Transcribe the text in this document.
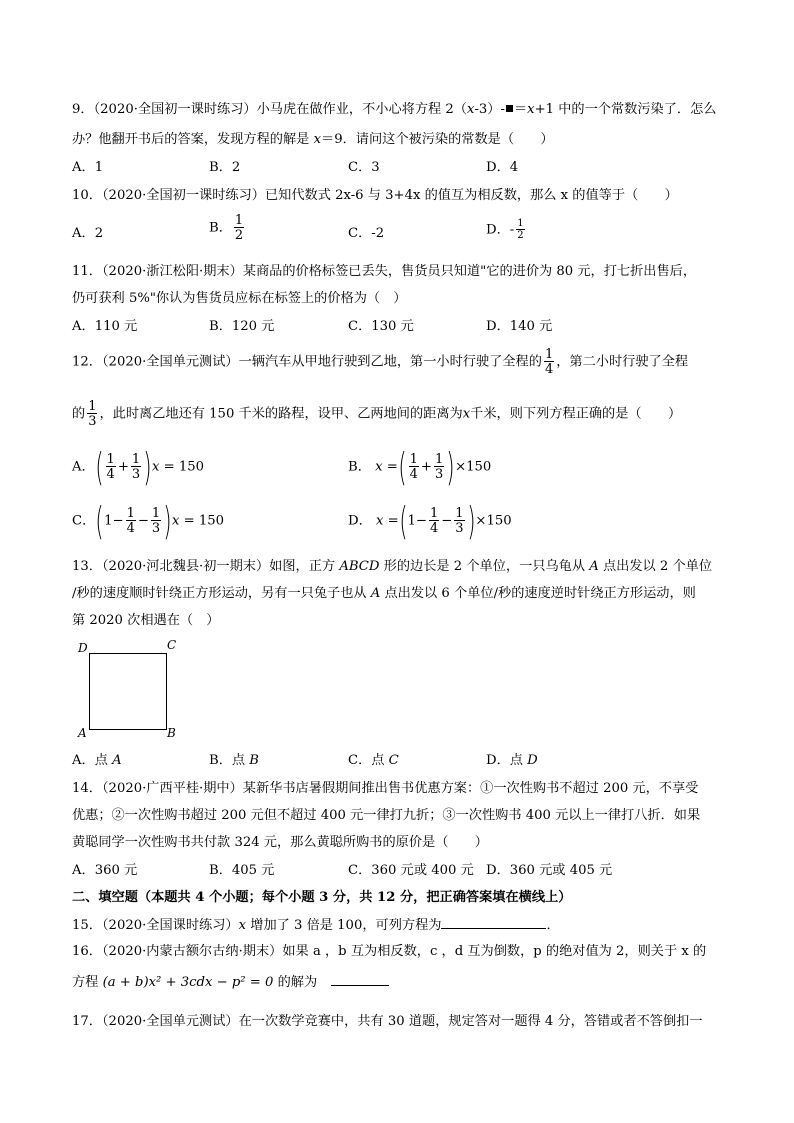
9．（2020·全国初一课时练习）小马虎在做作业，不小心将方程 2（x-3）- ＝x+1 中的一个常数污染了．怎么
办？他翻开书后的答案，发现方程的解是 x＝9．请问这个被污染的常数是（　　）
A．1	B．2	C．3	D．4
10．（2020·全国初一课时练习）已知代数式 2x-6 与 3+4x 的值互为相反数，那么 x 的值等于（　　）
A．2	B． $\frac{1}{2}$	C．-2	D．- $\frac{1}{2}$
11．（2020·浙江松阳·期末）某商品的价格标签已丢失，售货员只知道"它的进价为 80 元，打七折出售后，
仍可获利 5%"你认为售货员应标在标签上的价格为（　）
A．110 元	B．120 元	C．130 元	D．140 元
12．（2020·全国单元测试）一辆汽车从甲地行驶到乙地，第一小时行驶了全程的 $\frac{1}{4}$ ，第二小时行驶了全程
的 $\frac{1}{3}$ ，此时离乙地还有 150 千米的路程，设甲、乙两地间的距离为x千米，则下列方程正确的是（　　）
A．( $\frac{1}{4} + \frac{1}{3} )x = 150$	B． x =( $\frac{1}{4} + \frac{1}{3} )\times 150$
C．$(1- \frac{1}{4} - \frac{1}{3} )x = 150$	D． $x =(1- \frac{1}{4} - \frac{1}{3} )\times 150$
13．（2020·河北魏县·初一期末）如图，正方 ABCD 形的边长是 2 个单位，一只乌龟从 A 点出发以 2 个单位
/秒的速度顺时针绕正方形运动，另有一只兔子也从 A 点出发以 6 个单位/秒的速度逆时针绕正方形运动，则
第 2020 次相遇在（　）
D	C
A	B
A．点 A	B．点 B	C．点 C	D．点 D
14．（2020·广西平桂·期中）某新华书店暑假期间推出售书优惠方案：①一次性购书不超过 200 元，不享受
优惠；②一次性购书超过 200 元但不超过 400 元一律打九折；③一次性购书 400 元以上一律打八折．如果
黄聪同学一次性购书共付款 324 元，那么黄聪所购书的原价是（　　）
A．360 元	B．405 元	C．360 元或 400 元 D．360 元或 405 元
二、填空题（本题共 4 个小题；每个小题 3 分，共 12 分，把正确答案填在横线上）
15．（2020·全国课时练习）x 增加了 3 倍是 100，可列方程为	．
16．（2020·内蒙古额尔古纳·期末）如果 a ，b 互为相反数，c ，d 互为倒数，p 的绝对值为 2，则关于 x 的
方程 (a + b)x² + 3cdx − p² = 0 的解为
17．（2020·全国单元测试）在一次数学竞赛中，共有 30 道题，规定答对一题得 4 分，答错或者不答倒扣一
